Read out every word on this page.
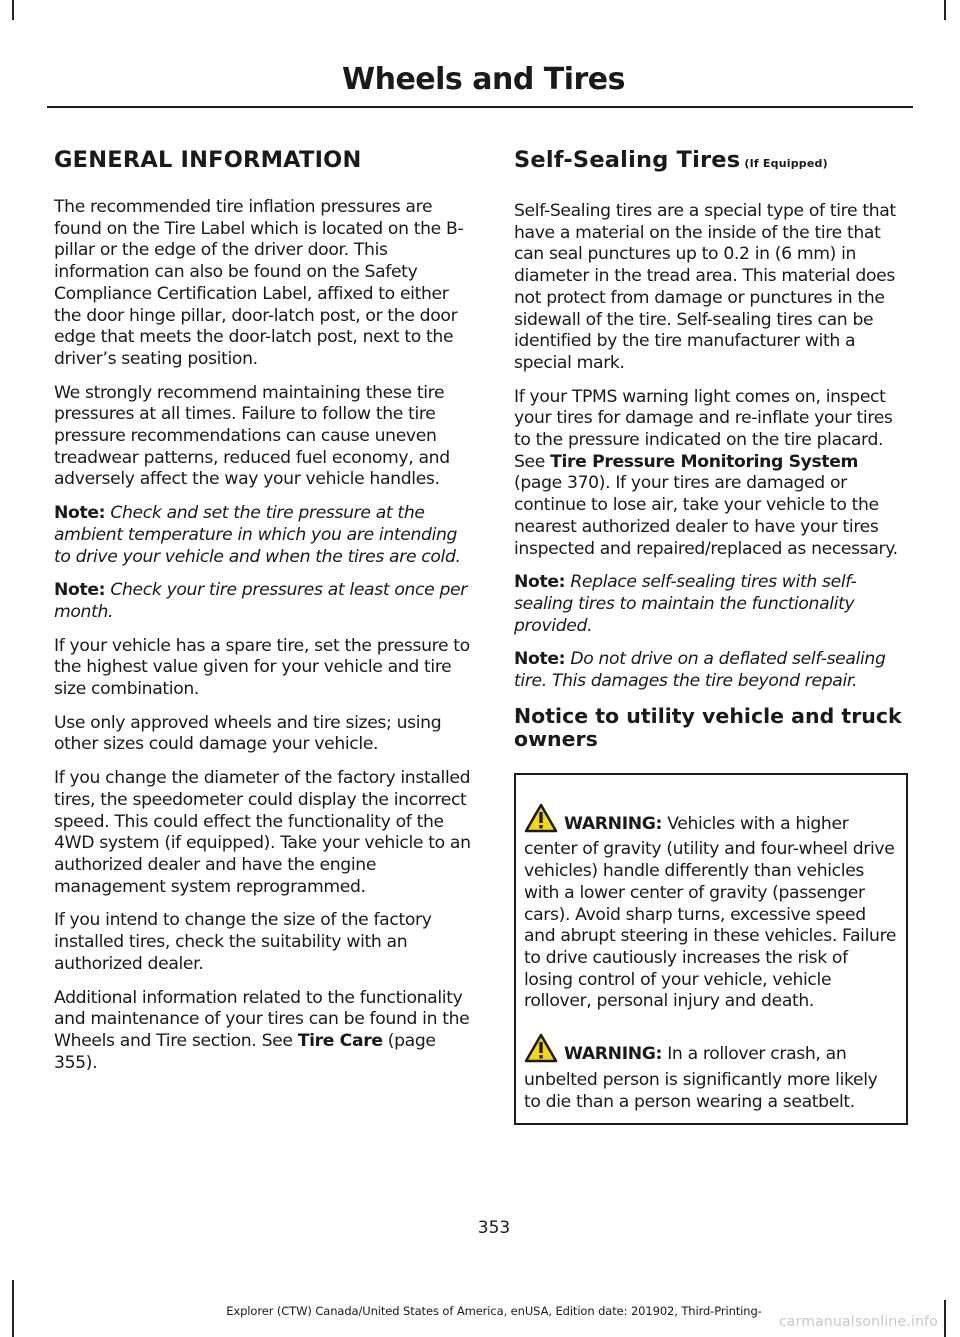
Wheels and Tires
GENERAL INFORMATION

The recommended tire inflation pressures are found on the Tire Label which is located on the B-pillar or the edge of the driver door. This information can also be found on the Safety Compliance Certification Label, affixed to either the door hinge pillar, door-latch post, or the door edge that meets the door-latch post, next to the driver’s seating position.

We strongly recommend maintaining these tire pressures at all times. Failure to follow the tire pressure recommendations can cause uneven treadwear patterns, reduced fuel economy, and adversely affect the way your vehicle handles.

Note: Check and set the tire pressure at the ambient temperature in which you are intending to drive your vehicle and when the tires are cold.

Note: Check your tire pressures at least once per month.

If your vehicle has a spare tire, set the pressure to the highest value given for your vehicle and tire size combination.

Use only approved wheels and tire sizes; using other sizes could damage your vehicle.

If you change the diameter of the factory installed tires, the speedometer could display the incorrect speed. This could effect the functionality of the 4WD system (if equipped). Take your vehicle to an authorized dealer and have the engine management system reprogrammed.

If you intend to change the size of the factory installed tires, check the suitability with an authorized dealer.

Additional information related to the functionality and maintenance of your tires can be found in the Wheels and Tire section. See Tire Care (page 355).

Self-Sealing Tires (If Equipped)

Self-Sealing tires are a special type of tire that have a material on the inside of the tire that can seal punctures up to 0.2 in (6 mm) in diameter in the tread area. This material does not protect from damage or punctures in the sidewall of the tire. Self-sealing tires can be identified by the tire manufacturer with a special mark.

If your TPMS warning light comes on, inspect your tires for damage and re-inflate your tires to the pressure indicated on the tire placard. See Tire Pressure Monitoring System (page 370). If your tires are damaged or continue to lose air, take your vehicle to the nearest authorized dealer to have your tires inspected and repaired/replaced as necessary.

Note: Replace self-sealing tires with self-sealing tires to maintain the functionality provided.

Note: Do not drive on a deflated self-sealing tire. This damages the tire beyond repair.

Notice to utility vehicle and truck owners

WARNING: Vehicles with a higher center of gravity (utility and four-wheel drive vehicles) handle differently than vehicles with a lower center of gravity (passenger cars). Avoid sharp turns, excessive speed and abrupt steering in these vehicles. Failure to drive cautiously increases the risk of losing control of your vehicle, vehicle rollover, personal injury and death.

WARNING: In a rollover crash, an unbelted person is significantly more likely to die than a person wearing a seatbelt.

353
Explorer (CTW) Canada/United States of America, enUSA, Edition date: 201902, Third-Printing-
carmanualsonline.info
